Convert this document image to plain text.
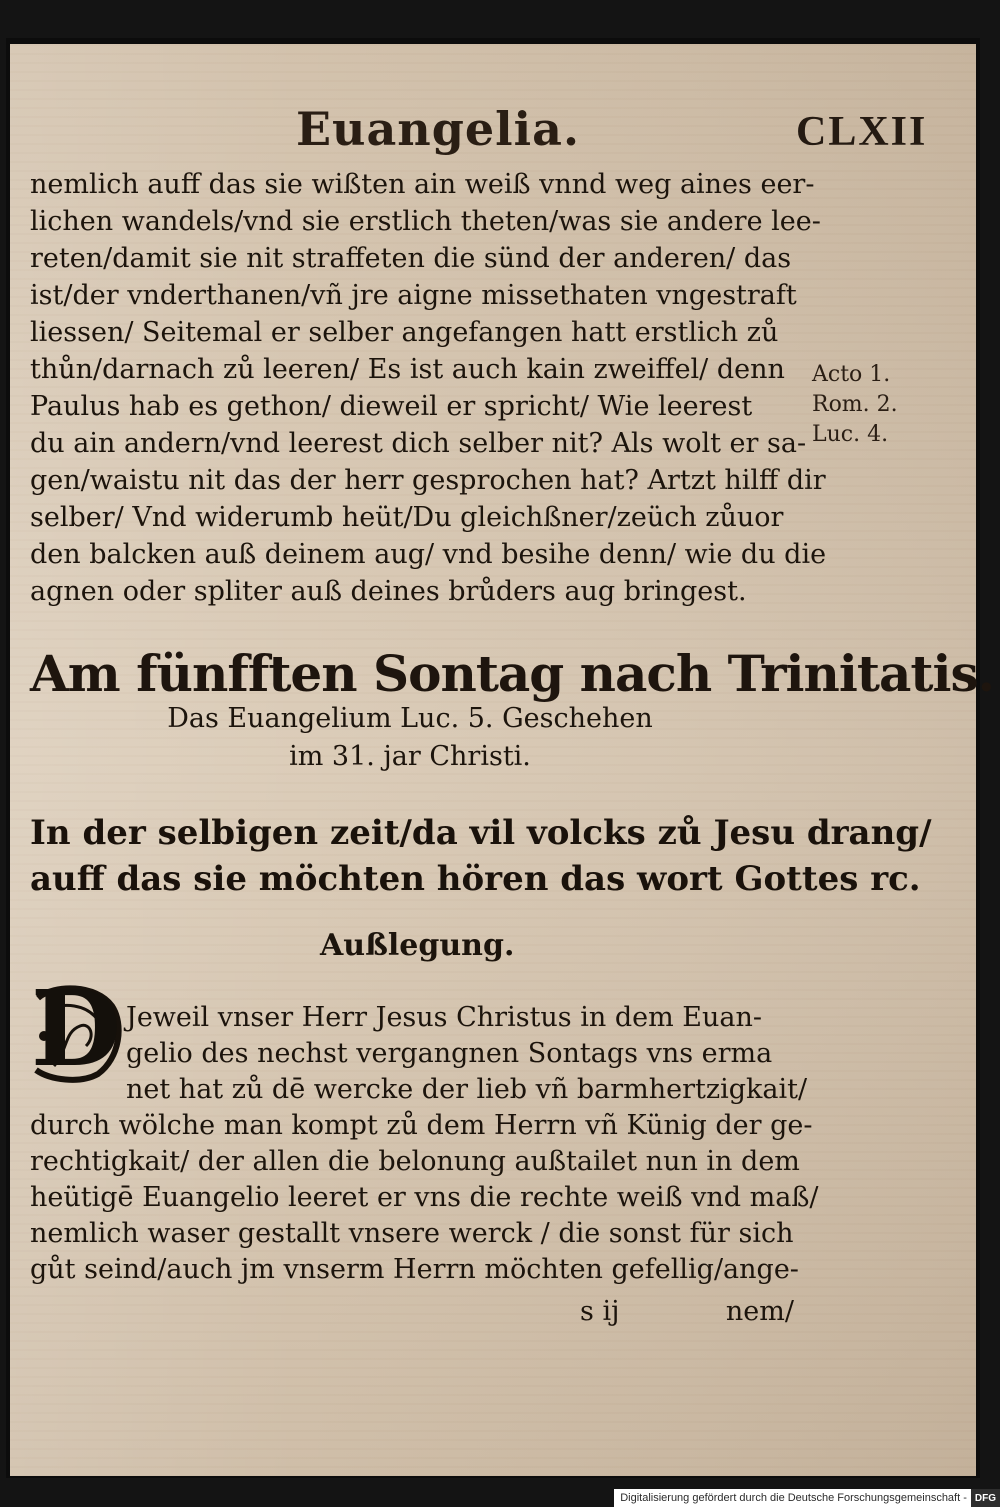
Euangelia.	CLXII
nemlich auff das sie wißten ain weiß vnnd weg aines eer-
lichen wandels/vnd sie erstlich theten/was sie andere lee-
reten/damit sie nit straffeten die sünd der anderen/ das
ist/der vnderthanen/vñ jre aigne missethaten vngestraft
liessen/ Seitemal er selber angefangen hatt erstlich zů
thůn/darnach zů leeren/ Es ist auch kain zweiffel/ denn
Paulus hab es gethon/ dieweil er spricht/ Wie leerest
du ain andern/vnd leerest dich selber nit? Als wolt er sa-
gen/waistu nit das der herr gesprochen hat? Artzt hilff dir
selber/ Vnd widerumb heüt/Du gleichßner/zeüch zůuor
den balcken auß deinem aug/ vnd besihe denn/ wie du die
agnen oder spliter auß deines brůders aug bringest.
Acto 1.
Rom. 2.
Luc. 4.
Am fünfften Sontag nach Trinitatis.
Das Euangelium Luc. 5. Geschehen
im 31. jar Christi.
In der selbigen zeit/da vil volcks zů Jesu drang/
auff das sie möchten hören das wort Gottes rc.
Außlegung.
D Jeweil vnser Herr Jesus Christus in dem Euan-
gelio des nechst vergangnen Sontags vns erma
net hat zů dē wercke der lieb vñ barmhertzigkait/
durch wölche man kompt zů dem Herrn vñ Künig der ge-
rechtigkait/ der allen die belonung außtailet nun in dem
heütigē Euangelio leeret er vns die rechte weiß vnd maß/
nemlich waser gestallt vnsere werck / die sonst für sich
gůt seind/auch jm vnserm Herrn möchten gefellig/ange-
s ij	nem/
Digitalisierung gefördert durch die Deutsche Forschungsgemeinschaft - DFG
